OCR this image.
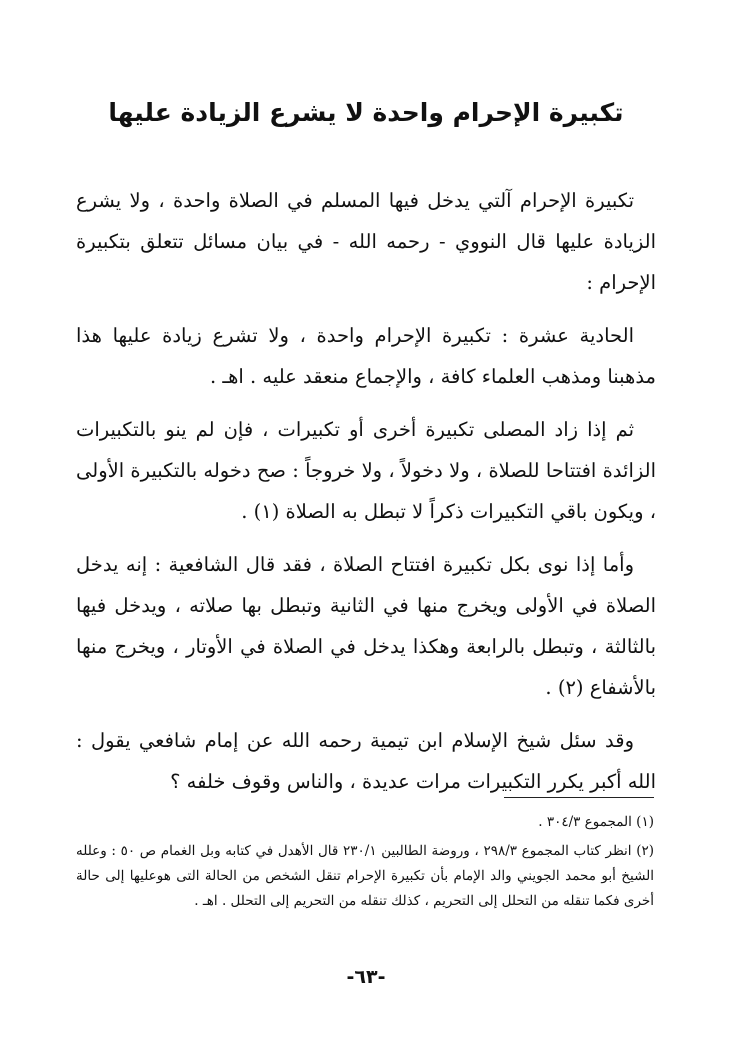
تكبيرة الإحرام واحدة لا يشرع الزيادة عليها

تكبيرة الإحرام آلتي يدخل فيها المسلم في الصلاة واحدة ، ولا يشرع الزيادة عليها قال النووي - رحمه الله - في بيان مسائل تتعلق بتكبيرة الإحرام :

الحادية عشرة : تكبيرة الإحرام واحدة ، ولا تشرع زيادة عليها هذا مذهبنا ومذهب العلماء كافة ، والإجماع منعقد عليه . اهـ .

ثم إذا زاد المصلى تكبيرة أخرى أو تكبيرات ، فإن لم ينو بالتكبيرات الزائدة افتتاحا للصلاة ، ولا دخولاً ، ولا خروجاً : صح دخوله بالتكبيرة الأولى ، ويكون باقي التكبيرات ذكراً لا تبطل به الصلاة (١) .

وأما إذا نوى بكل تكبيرة افتتاح الصلاة ، فقد قال الشافعية : إنه يدخل الصلاة في الأولى ويخرج منها في الثانية وتبطل بها صلاته ، ويدخل فيها بالثالثة ، وتبطل بالرابعة وهكذا يدخل في الصلاة في الأوتار ، ويخرج منها بالأشفاع (٢) .

وقد سئل شيخ الإسلام ابن تيمية رحمه الله عن إمام شافعي يقول : الله أكبر يكرر التكبيرات مرات عديدة ، والناس وقوف خلفه ؟

(١) المجموع ٣٠٤/٣ .

(٢) انظر كتاب المجموع ٢٩٨/٣ ، وروضة الطالبين ٢٣٠/١ قال الأهدل في كتابه وبل الغمام ص ٥٠ : وعلله الشيخ أبو محمد الجويني والد الإمام بأن تكبيرة الإحرام تنقل الشخص من الحالة التى هوعليها إلى حالة أخرى فكما تنقله من التحلل إلى التحريم ، كذلك تنقله من التحريم إلى التحلل . اهـ .

-٦٣-
